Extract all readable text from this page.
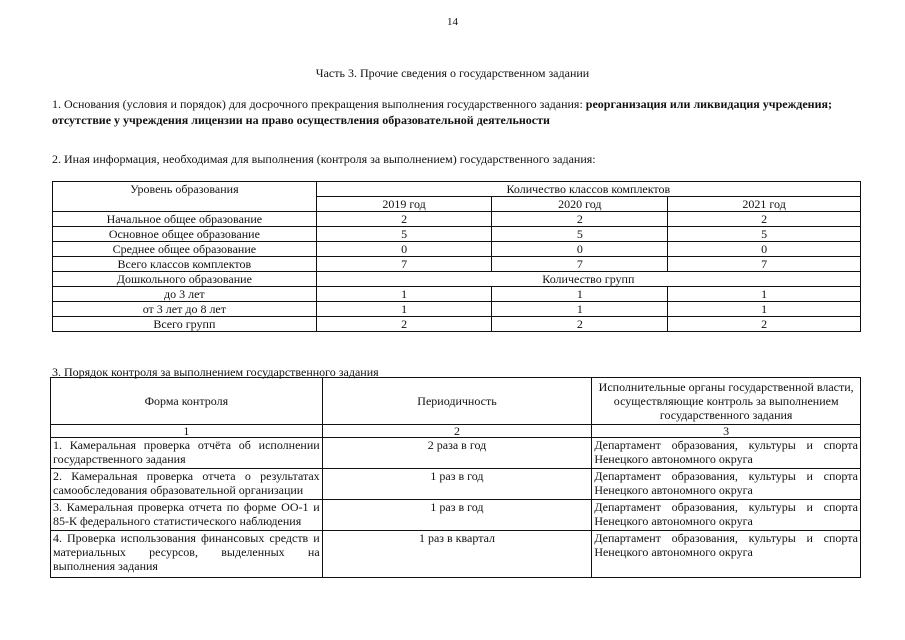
14
Часть 3. Прочие сведения о государственном задании
1. Основания (условия и порядок) для досрочного прекращения выполнения государственного задания: реорганизация или ликвидация учреждения; отсутствие у учреждения лицензии на право осуществления образовательной деятельности
2. Иная информация, необходимая для выполнения (контроля за выполнением) государственного задания:
Уровень образования	Количество классов комплектов		
	2019 год	2020 год	2021 год
Начальное общее образование	2	2	2
Основное общее образование	5	5	5
Среднее общее образование	0	0	0
Всего классов комплектов	7	7	7
Дошкольного образование	Количество групп		
до 3 лет	1	1	1
от 3 лет до 8 лет	1	1	1
Всего групп	2	2	2
3. Порядок контроля за выполнением государственного задания
Форма контроля	Периодичность	Исполнительные органы государственной власти, осуществляющие контроль за выполнением государственного задания
1	2	3
1. Камеральная проверка отчёта об исполнении государственного задания	2 раза в год	Департамент образования, культуры и спорта Ненецкого автономного округа
2. Камеральная проверка отчета о результатах самообследования образовательной организации	1 раз в год	Департамент образования, культуры и спорта Ненецкого автономного округа
3. Камеральная проверка отчета по форме ОО-1 и 85-К федерального статистического наблюдения	1 раз в год	Департамент образования, культуры и спорта Ненецкого автономного округа
4. Проверка использования финансовых средств и материальных ресурсов, выделенных на выполнения задания	1 раз в квартал	Департамент образования, культуры и спорта Ненецкого автономного округа
